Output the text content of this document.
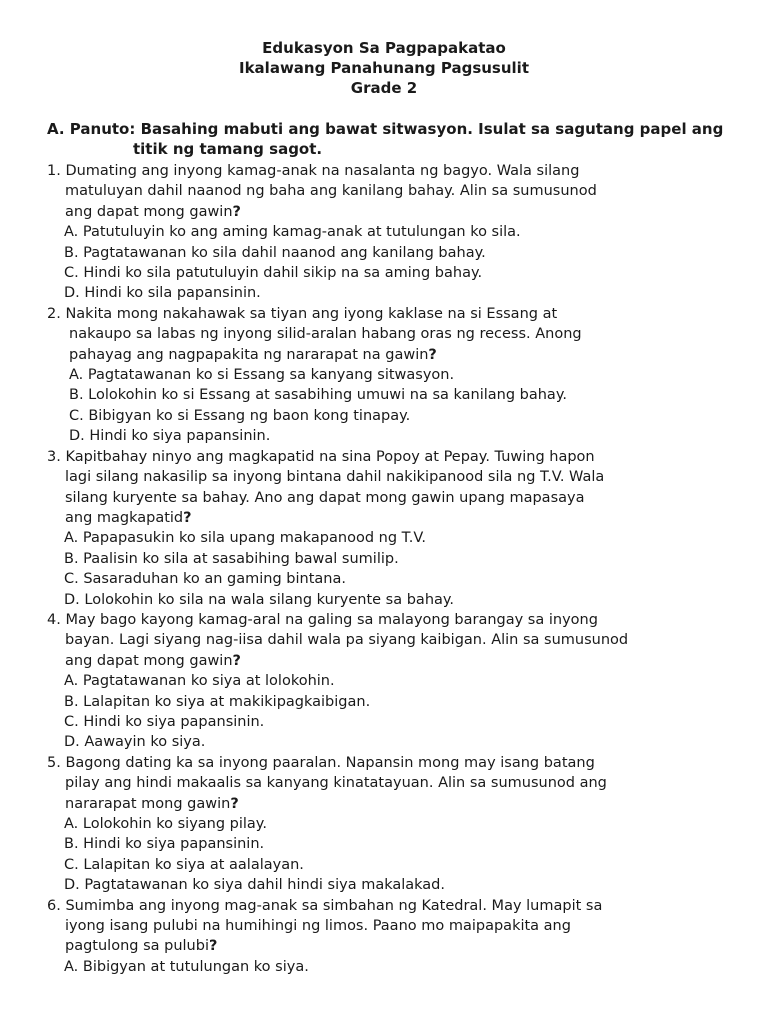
Edukasyon Sa Pagpapakatao
Ikalawang Panahunang Pagsusulit
Grade 2
A. Panuto: Basahing mabuti ang bawat sitwasyon. Isulat sa sagutang papel ang
titik ng tamang sagot.
1. Dumating ang inyong kamag-anak na nasalanta ng bagyo. Wala silang
matuluyan dahil naanod ng baha ang kanilang bahay. Alin sa sumusunod
ang dapat mong gawin?
A. Patutuluyin ko ang aming kamag-anak at tutulungan ko sila.
B. Pagtatawanan ko sila dahil naanod ang kanilang bahay.
C. Hindi ko sila patutuluyin dahil sikip na sa aming bahay.
D. Hindi ko sila papansinin.
2. Nakita mong nakahawak sa tiyan ang iyong kaklase na si Essang at
nakaupo sa labas ng inyong silid-aralan habang oras ng recess. Anong
pahayag ang nagpapakita ng nararapat na gawin?
A. Pagtatawanan ko si Essang sa kanyang sitwasyon.
B. Lolokohin ko si Essang at sasabihing umuwi na sa kanilang bahay.
C. Bibigyan ko si Essang ng baon kong tinapay.
D. Hindi ko siya papansinin.
3. Kapitbahay ninyo ang magkapatid na sina Popoy at Pepay. Tuwing hapon
lagi silang nakasilip sa inyong bintana dahil nakikipanood sila ng T.V. Wala
silang kuryente sa bahay. Ano ang dapat mong gawin upang mapasaya
ang magkapatid?
A. Papapasukin ko sila upang makapanood ng T.V.
B. Paalisin ko sila at sasabihing bawal sumilip.
C. Sasaraduhan ko an gaming bintana.
D. Lolokohin ko sila na wala silang kuryente sa bahay.
4. May bago kayong kamag-aral na galing sa malayong barangay sa inyong
bayan. Lagi siyang nag-iisa dahil wala pa siyang kaibigan. Alin sa sumusunod
ang dapat mong gawin?
A. Pagtatawanan ko siya at lolokohin.
B. Lalapitan ko siya at makikipagkaibigan.
C. Hindi ko siya papansinin.
D. Aawayin ko siya.
5. Bagong dating ka sa inyong paaralan. Napansin mong may isang batang
pilay ang hindi makaalis sa kanyang kinatatayuan. Alin sa sumusunod ang
nararapat mong gawin?
A. Lolokohin ko siyang pilay.
B. Hindi ko siya papansinin.
C. Lalapitan ko siya at aalalayan.
D. Pagtatawanan ko siya dahil hindi siya makalakad.
6. Sumimba ang inyong mag-anak sa simbahan ng Katedral. May lumapit sa
iyong isang pulubi na humihingi ng limos. Paano mo maipapakita ang
pagtulong sa pulubi?
A. Bibigyan at tutulungan ko siya.
